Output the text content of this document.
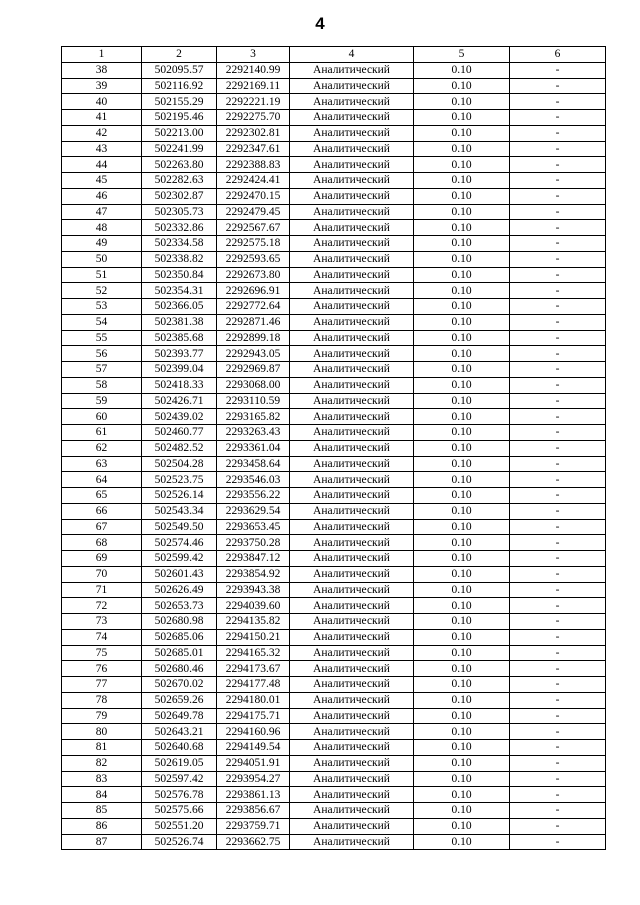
4
1	2	3	4	5	6
38	502095.57	2292140.99	Аналитический	0.10	-
39	502116.92	2292169.11	Аналитический	0.10	-
40	502155.29	2292221.19	Аналитический	0.10	-
41	502195.46	2292275.70	Аналитический	0.10	-
42	502213.00	2292302.81	Аналитический	0.10	-
43	502241.99	2292347.61	Аналитический	0.10	-
44	502263.80	2292388.83	Аналитический	0.10	-
45	502282.63	2292424.41	Аналитический	0.10	-
46	502302.87	2292470.15	Аналитический	0.10	-
47	502305.73	2292479.45	Аналитический	0.10	-
48	502332.86	2292567.67	Аналитический	0.10	-
49	502334.58	2292575.18	Аналитический	0.10	-
50	502338.82	2292593.65	Аналитический	0.10	-
51	502350.84	2292673.80	Аналитический	0.10	-
52	502354.31	2292696.91	Аналитический	0.10	-
53	502366.05	2292772.64	Аналитический	0.10	-
54	502381.38	2292871.46	Аналитический	0.10	-
55	502385.68	2292899.18	Аналитический	0.10	-
56	502393.77	2292943.05	Аналитический	0.10	-
57	502399.04	2292969.87	Аналитический	0.10	-
58	502418.33	2293068.00	Аналитический	0.10	-
59	502426.71	2293110.59	Аналитический	0.10	-
60	502439.02	2293165.82	Аналитический	0.10	-
61	502460.77	2293263.43	Аналитический	0.10	-
62	502482.52	2293361.04	Аналитический	0.10	-
63	502504.28	2293458.64	Аналитический	0.10	-
64	502523.75	2293546.03	Аналитический	0.10	-
65	502526.14	2293556.22	Аналитический	0.10	-
66	502543.34	2293629.54	Аналитический	0.10	-
67	502549.50	2293653.45	Аналитический	0.10	-
68	502574.46	2293750.28	Аналитический	0.10	-
69	502599.42	2293847.12	Аналитический	0.10	-
70	502601.43	2293854.92	Аналитический	0.10	-
71	502626.49	2293943.38	Аналитический	0.10	-
72	502653.73	2294039.60	Аналитический	0.10	-
73	502680.98	2294135.82	Аналитический	0.10	-
74	502685.06	2294150.21	Аналитический	0.10	-
75	502685.01	2294165.32	Аналитический	0.10	-
76	502680.46	2294173.67	Аналитический	0.10	-
77	502670.02	2294177.48	Аналитический	0.10	-
78	502659.26	2294180.01	Аналитический	0.10	-
79	502649.78	2294175.71	Аналитический	0.10	-
80	502643.21	2294160.96	Аналитический	0.10	-
81	502640.68	2294149.54	Аналитический	0.10	-
82	502619.05	2294051.91	Аналитический	0.10	-
83	502597.42	2293954.27	Аналитический	0.10	-
84	502576.78	2293861.13	Аналитический	0.10	-
85	502575.66	2293856.67	Аналитический	0.10	-
86	502551.20	2293759.71	Аналитический	0.10	-
87	502526.74	2293662.75	Аналитический	0.10	-
